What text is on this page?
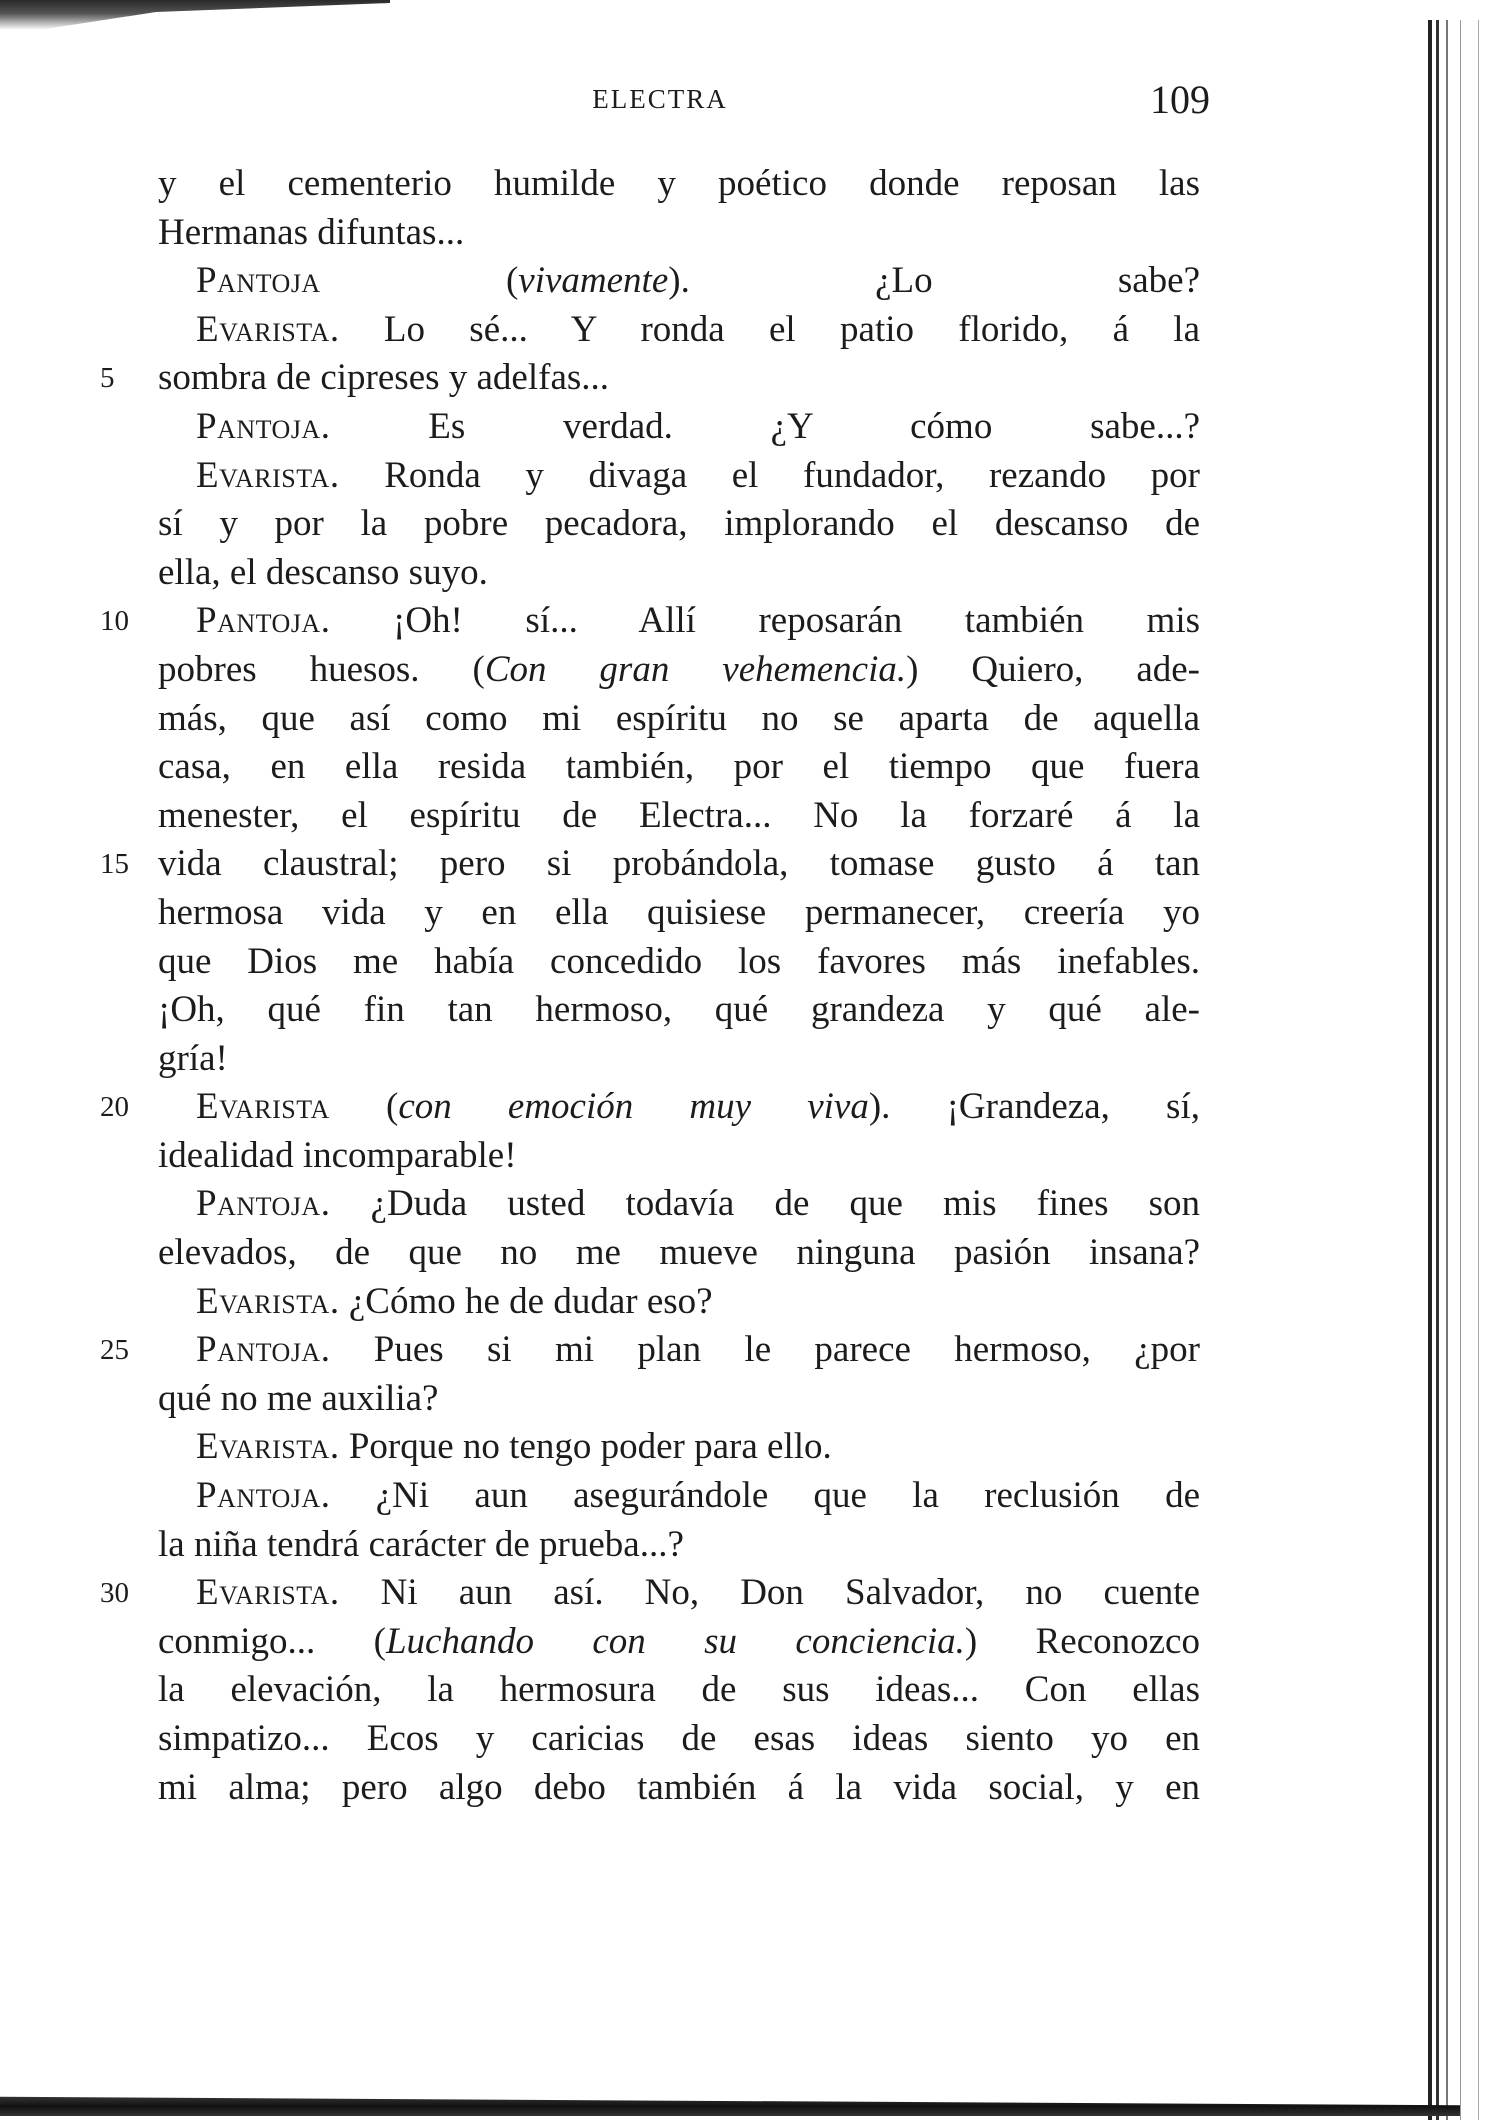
ELECTRA	109
y el cementerio humilde y poético donde reposan las
Hermanas difuntas...
Pantoja (vivamente). ¿Lo sabe?
Evarista. Lo sé... Y ronda el patio florido, á la
5	sombra de cipreses y adelfas...
Pantoja. Es verdad. ¿Y cómo sabe...?
Evarista. Ronda y divaga el fundador, rezando por
sí y por la pobre pecadora, implorando el descanso de
ella, el descanso suyo.
10 Pantoja. ¡Oh! sí... Allí reposarán también mis
pobres huesos. (Con gran vehemencia.) Quiero, ade-
más, que así como mi espíritu no se aparta de aquella
casa, en ella resida también, por el tiempo que fuera
menester, el espíritu de Electra... No la forzaré á la
15 vida claustral; pero si probándola, tomase gusto á tan
hermosa vida y en ella quisiese permanecer, creería yo
que Dios me había concedido los favores más inefables.
¡Oh, qué fin tan hermoso, qué grandeza y qué ale-
gría!
20 Evarista (con emoción muy viva). ¡Grandeza, sí,
idealidad incomparable!
Pantoja. ¿Duda usted todavía de que mis fines son
elevados, de que no me mueve ninguna pasión insana?
Evarista. ¿Cómo he de dudar eso?
25 Pantoja. Pues si mi plan le parece hermoso, ¿por
qué no me auxilia?
Evarista. Porque no tengo poder para ello.
Pantoja. ¿Ni aun asegurándole que la reclusión de
la niña tendrá carácter de prueba...?
30 Evarista. Ni aun así. No, Don Salvador, no cuente
conmigo... (Luchando con su conciencia.) Reconozco
la elevación, la hermosura de sus ideas... Con ellas
simpatizo... Ecos y caricias de esas ideas siento yo en
mi alma; pero algo debo también á la vida social, y en
